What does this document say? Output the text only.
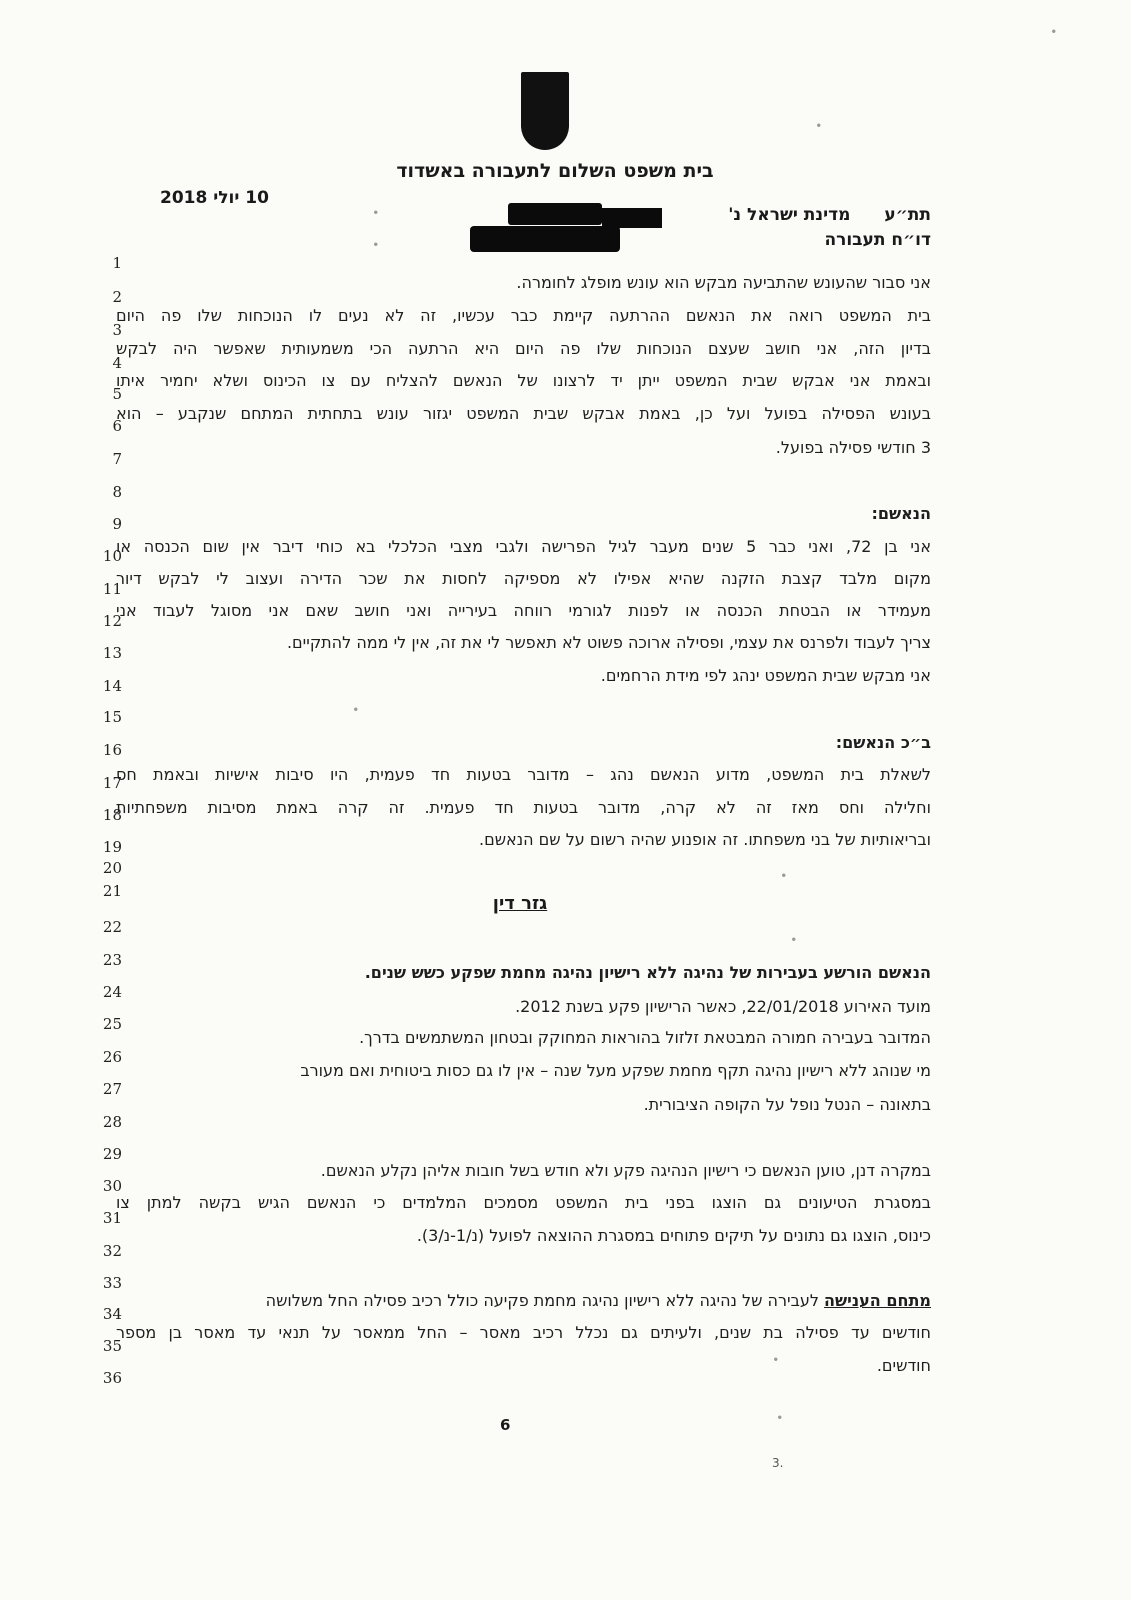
בית משפט השלום לתעבורה באשדוד
10 יולי 2018
תת״עמדינת ישראל נ'
דו״ח תעבורה
1
2
3
4
5
6
7
8
9
10
11
12
13
14
15
16
17
18
19
20
21
22
23
24
25
26
27
28
29
30
31
32
33
34
35
36
אני סבור שהעונש שהתביעה מבקש הוא עונש מופלג לחומרה.
בית המשפט רואה את הנאשם ההרתעה קיימת כבר עכשיו, זה לא נעים לו הנוכחות שלו פה היום
בדיון הזה, אני חושב שעצם הנוכחות שלו פה היום היא הרתעה הכי משמעותית שאפשר היה לבקש
ובאמת אני אבקש שבית המשפט ייתן יד לרצונו של הנאשם להצליח עם צו הכינוס ושלא יחמיר איתו
בעונש הפסילה בפועל ועל כן, באמת אבקש שבית המשפט יגזור עונש בתחתית המתחם שנקבע – הוא
3 חודשי פסילה בפועל.
הנאשם:
אני בן 72, ואני כבר 5 שנים מעבר לגיל הפרישה ולגבי מצבי הכלכלי בא כוחי דיבר אין שום הכנסה או
מקום מלבד קצבת הזקנה שהיא אפילו לא מספיקה לחסות את שכר הדירה ועצוב לי לבקש דיור
מעמידר או הבטחת הכנסה או לפנות לגורמי רווחה בעירייה ואני חושב שאם אני מסוגל לעבוד אני
צריך לעבוד ולפרנס את עצמי, ופסילה ארוכה פשוט לא תאפשר לי את זה, אין לי ממה להתקיים.
אני מבקש שבית המשפט ינהג לפי מידת הרחמים.
ב״כ הנאשם:
לשאלת בית המשפט, מדוע הנאשם נהג – מדובר בטעות חד פעמית, היו סיבות אישיות ובאמת חס
וחלילה וחס מאז זה לא קרה, מדובר בטעות חד פעמית. זה קרה באמת מסיבות משפחתיות
ובריאותיות של בני משפחתו. זה אופנוע שהיה רשום על שם הנאשם.
גזר דין
הנאשם הורשע בעבירות של נהיגה ללא רישיון נהיגה מחמת שפקע כשש שנים.
מועד האירוע 22/01/2018, כאשר הרישיון פקע בשנת 2012.
המדובר בעבירה חמורה המבטאת זלזול בהוראות המחוקק ובטחון המשתמשים בדרך.
מי שנוהג ללא רישיון נהיגה תקף מחמת שפקע מעל שנה – אין לו גם כסות ביטוחית ואם מעורב
בתאונה – הנטל נופל על הקופה הציבורית.
במקרה דנן, טוען הנאשם כי רישיון הנהיגה פקע ולא חודש בשל חובות אליהן נקלע הנאשם.
במסגרת הטיעונים גם הוצגו בפני בית המשפט מסמכים המלמדים כי הנאשם הגיש בקשה למתן צו
כינוס, הוצגו גם נתונים על תיקים פתוחים במסגרת ההוצאה לפועל (נ/1-נ/3).
מתחם הענישה לעבירה של נהיגה ללא רישיון נהיגה מחמת פקיעה כולל רכיב פסילה החל משלושה
חודשים עד פסילה בת שנים, ולעיתים גם נכלל רכיב מאסר – החל ממאסר על תנאי עד מאסר בן מספר
חודשים.
6
3.
∙
∙
∙
∙
∙
∙
∙
∙
∙
